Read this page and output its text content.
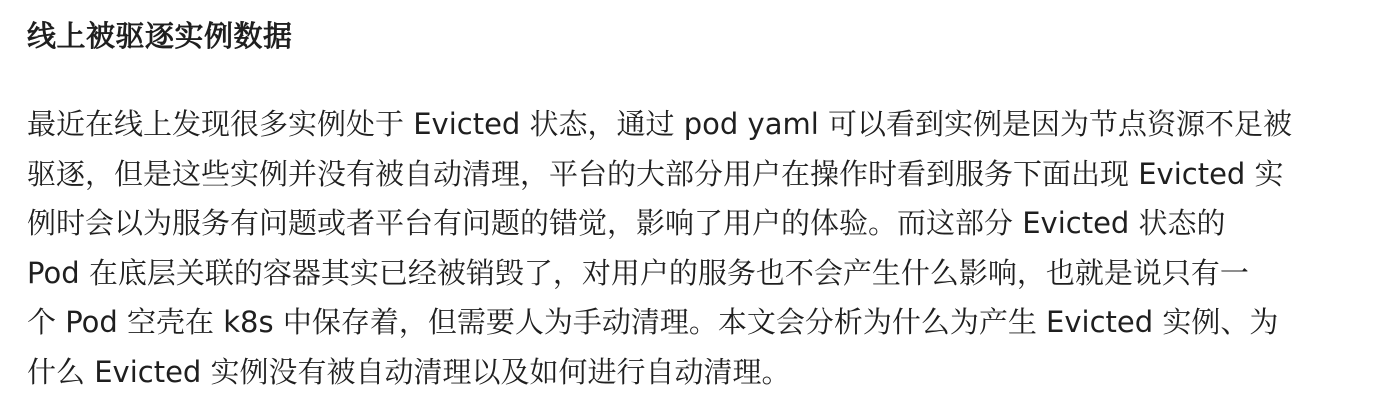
线上被驱逐实例数据

最近在线上发现很多实例处于 Evicted 状态，通过 pod yaml 可以看到实例是因为节点资源不足被
驱逐，但是这些实例并没有被自动清理，平台的大部分用户在操作时看到服务下面出现 Evicted 实
例时会以为服务有问题或者平台有问题的错觉，影响了用户的体验。而这部分 Evicted 状态的
Pod 在底层关联的容器其实已经被销毁了，对用户的服务也不会产生什么影响，也就是说只有一
个 Pod 空壳在 k8s 中保存着，但需要人为手动清理。本文会分析为什么为产生 Evicted 实例、为
什么 Evicted 实例没有被自动清理以及如何进行自动清理。
